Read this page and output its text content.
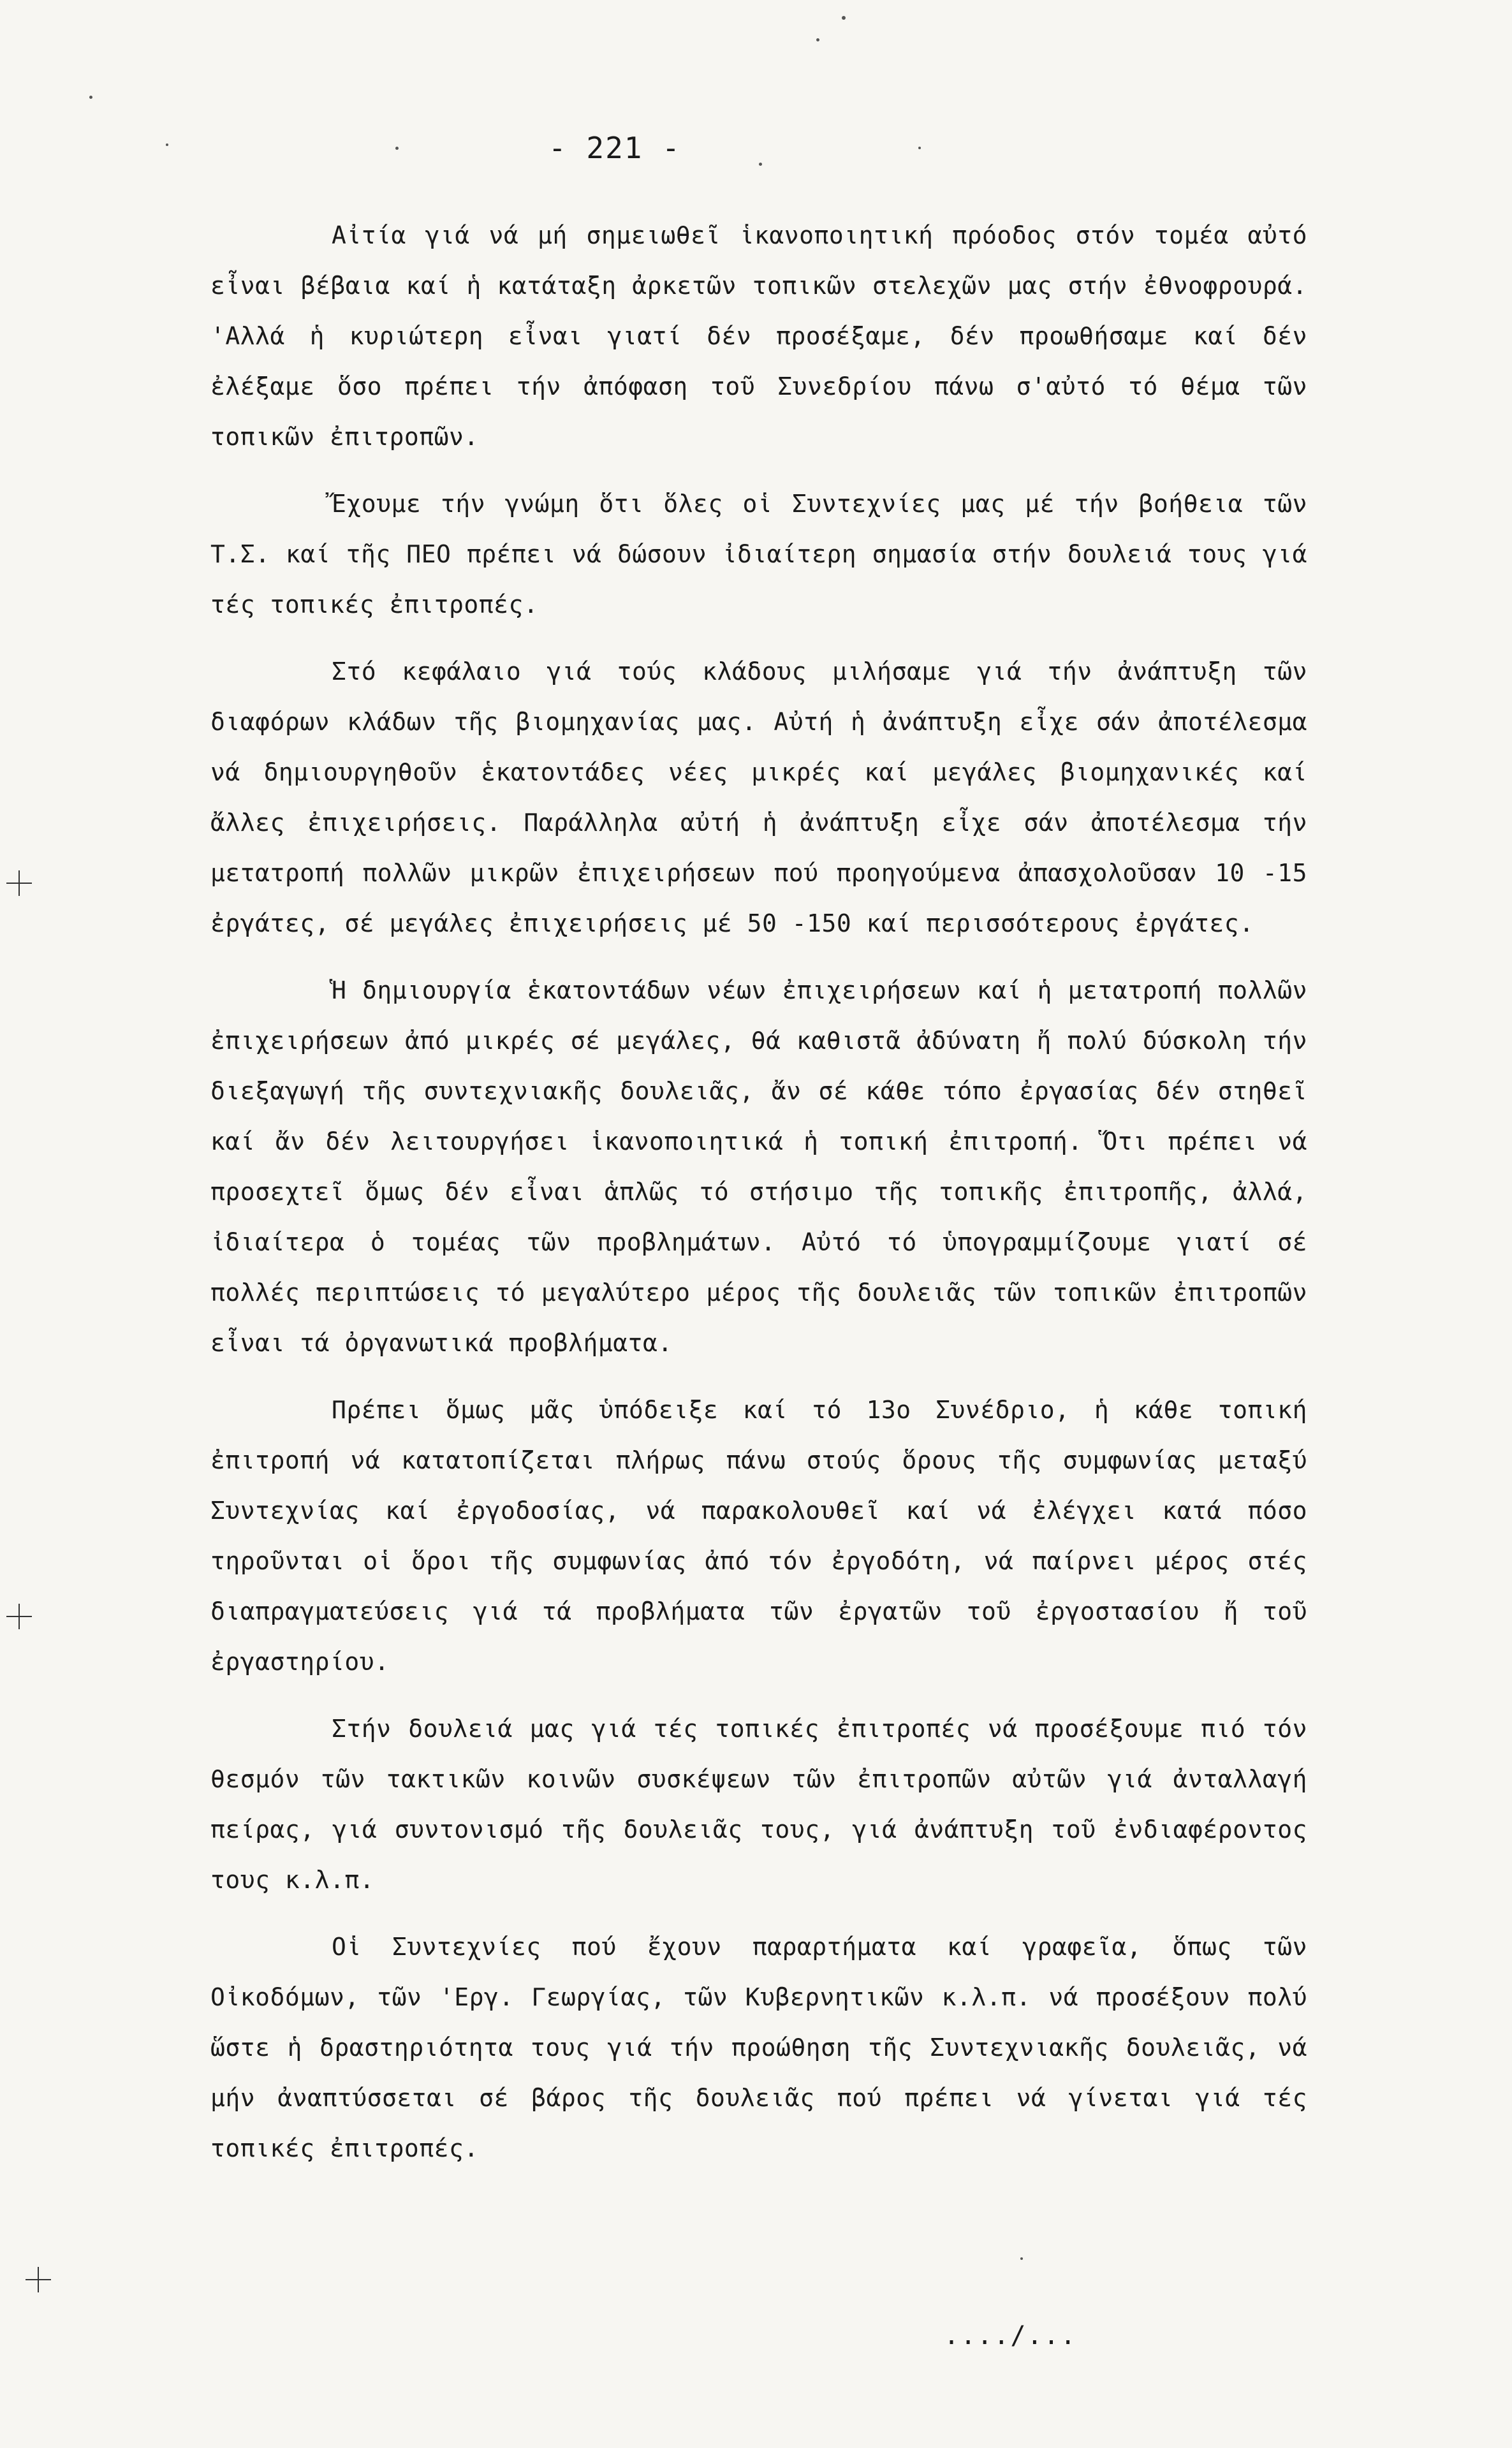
- 221 -

Αἰτία γιά νά μή σημειωθεῖ ἱκανοποιητική πρόοδος στόν τομέα αὐτό εἶναι βέβαια καί ἡ κατάταξη ἀρκετῶν τοπικῶν στελεχῶν μας στήν ἐθνοφρουρά. 'Αλλά ἡ κυριώτερη εἶναι γιατί δέν προσέξαμε, δέν προωθήσαμε καί δέν ἐλέξαμε ὅσο πρέπει τήν ἀπόφαση τοῦ Συνεδρίου πάνω σ'αὐτό τό θέμα τῶν τοπικῶν ἐπιτροπῶν.

Ἔχουμε τήν γνώμη ὅτι ὅλες οἱ Συντεχνίες μας μέ τήν βοήθεια τῶν Τ.Σ. καί τῆς ΠΕΟ πρέπει νά δώσουν ἰδιαίτερη σημασία στήν δουλειά τους γιά τές τοπικές ἐπιτροπές.

Στό κεφάλαιο γιά τούς κλάδους μιλήσαμε γιά τήν ἀνάπτυξη τῶν διαφόρων κλάδων τῆς βιομηχανίας μας. Αὐτή ἡ ἀνάπτυξη εἶχε σάν ἀποτέλεσμα νά δημιουργηθοῦν ἑκατοντάδες νέες μικρές καί μεγάλες βιομηχανικές καί ἄλλες ἐπιχειρήσεις. Παράλληλα αὐτή ἡ ἀνάπτυξη εἶχε σάν ἀποτέλεσμα τήν μετατροπή πολλῶν μικρῶν ἐπιχειρήσεων πού προηγούμενα ἀπασχολοῦσαν 10 -15 ἐργάτες, σέ μεγάλες ἐπιχειρήσεις μέ 50 -150 καί περισσότερους ἐργάτες.

Ἡ δημιουργία ἑκατοντάδων νέων ἐπιχειρήσεων καί ἡ μετατροπή πολλῶν ἐπιχειρήσεων ἀπό μικρές σέ μεγάλες, θά καθιστᾶ ἀδύνατη ἤ πολύ δύσκολη τήν διεξαγωγή τῆς συντεχνιακῆς δουλειᾶς, ἄν σέ κάθε τόπο ἐργασίας δέν στηθεῖ καί ἄν δέν λειτουργήσει ἱκανοποιητικά ἡ τοπική ἐπιτροπή. Ὅτι πρέπει νά προσεχτεῖ ὅμως δέν εἶναι ἁπλῶς τό στήσιμο τῆς τοπικῆς ἐπιτροπῆς, ἀλλά, ἰδιαίτερα ὁ τομέας τῶν προβλημάτων. Αὐτό τό ὑπογραμμίζουμε γιατί σέ πολλές περιπτώσεις τό μεγαλύτερο μέρος τῆς δουλειᾶς τῶν τοπικῶν ἐπιτροπῶν εἶναι τά ὀργανωτικά προβλήματα.

Πρέπει ὅμως μᾶς ὑπόδειξε καί τό 13ο Συνέδριο, ἡ κάθε τοπική ἐπιτροπή νά κατατοπίζεται πλήρως πάνω στούς ὅρους τῆς συμφωνίας μεταξύ Συντεχνίας καί ἐργοδοσίας, νά παρακολουθεῖ καί νά ἐλέγχει κατά πόσο τηροῦνται οἱ ὅροι τῆς συμφωνίας ἀπό τόν ἐργοδότη, νά παίρνει μέρος στές διαπραγματεύσεις γιά τά προβλήματα τῶν ἐργατῶν τοῦ ἐργοστασίου ἤ τοῦ ἐργαστηρίου.

Στήν δουλειά μας γιά τές τοπικές ἐπιτροπές νά προσέξουμε πιό τόν θεσμόν τῶν τακτικῶν κοινῶν συσκέψεων τῶν ἐπιτροπῶν αὐτῶν γιά ἀνταλλαγή πείρας, γιά συντονισμό τῆς δουλειᾶς τους, γιά ἀνάπτυξη τοῦ ἐνδιαφέροντος τους κ.λ.π.

Οἱ Συντεχνίες πού ἔχουν παραρτήματα καί γραφεῖα, ὅπως τῶν Οἰκοδόμων, τῶν 'Εργ. Γεωργίας, τῶν Κυβερνητικῶν κ.λ.π. νά προσέξουν πολύ ὥστε ἡ δραστηριότητα τους γιά τήν προώθηση τῆς Συντεχνιακῆς δουλειᾶς, νά μήν ἀναπτύσσεται σέ βάρος τῆς δουλειᾶς πού πρέπει νά γίνεται γιά τές τοπικές ἐπιτροπές.

..../...
